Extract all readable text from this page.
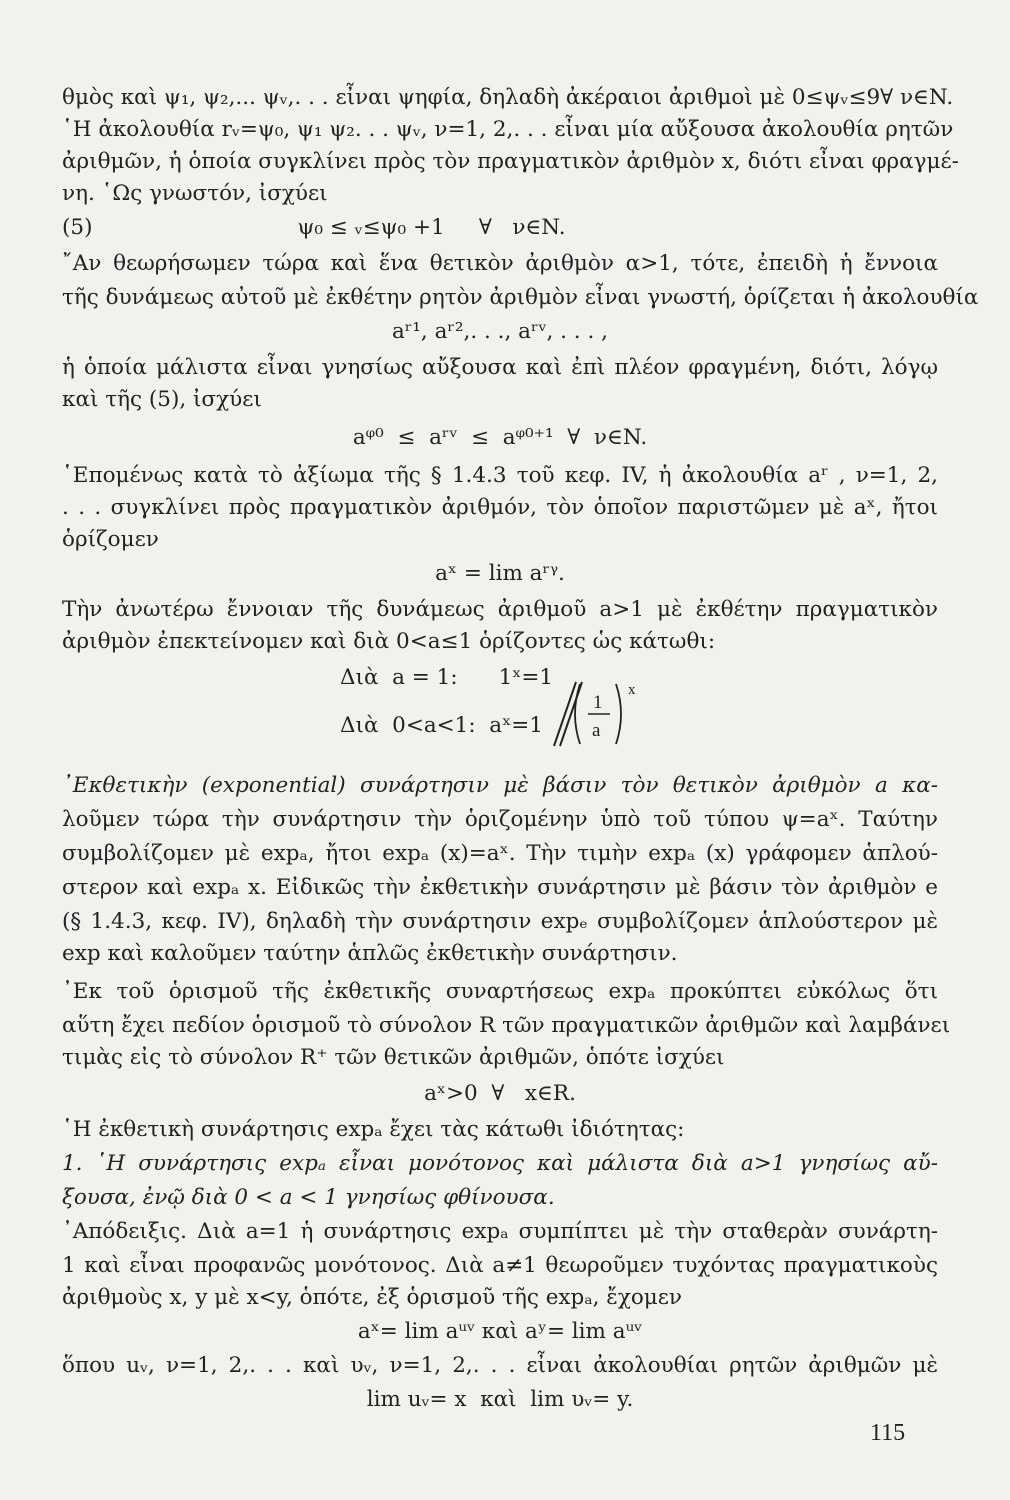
θμὸς καὶ ψ₁, ψ₂,... ψᵥ,. . . εἶναι ψηφία, δηλαδὴ ἀκέραιοι ἀριθμοὶ μὲ 0≤ψᵥ≤9∀ ν∈N.
῾Η ἀκολουθία rᵥ=ψ₀, ψ₁ ψ₂. . . ψᵥ, ν=1, 2,. . . εἶναι μία αὔξουσα ἀκολουθία ρητῶν
ἀριθμῶν, ἡ ὁποία συγκλίνει πρὸς τὸν πραγματικὸν ἀριθμὸν x, διότι εἶναι φραγμέ-
νη. ῾Ως γνωστόν, ἰσχύει
(5)                              ψ₀ ≤ ᵥ≤ψ₀ +1     ∀   ν∈N.
῎Αν θεωρήσωμεν τώρα καὶ ἕνα θετικὸν ἀριθμὸν α>1, τότε, ἐπειδὴ ἡ ἔννοια
τῆς δυνάμεως αὐτοῦ μὲ ἐκθέτην ρητὸν ἀριθμὸν εἶναι γνωστή, ὁρίζεται ἡ ἀκολουθία
aʳ¹, aʳ²,. . ., aʳᵛ, . . . ,
ἡ ὁποία μάλιστα εἶναι γνησίως αὔξουσα καὶ ἐπὶ πλέον φραγμένη, διότι, λόγῳ
καὶ τῆς (5), ἰσχύει
aᵠ⁰  ≤  aʳᵛ  ≤  aᵠ⁰⁺¹  ∀  ν∈N.
῾Επομένως κατὰ τὸ ἀξίωμα τῆς § 1.4.3 τοῦ κεφ. IV, ἡ ἀκολουθία aʳ , ν=1, 2,
. . . συγκλίνει πρὸς πραγματικὸν ἀριθμόν, τὸν ὁποῖον παριστῶμεν μὲ aˣ, ἤτοι
ὁρίζομεν
aˣ = lim aʳᵞ.
Τὴν ἀνωτέρω ἔννοιαν τῆς δυνάμεως ἀριθμοῦ a>1 μὲ ἐκθέτην πραγματικὸν
ἀριθμὸν ἐπεκτείνομεν καὶ διὰ 0<a≤1 ὁρίζοντες ὡς κάτωθι:
Διὰ  a = 1:      1ˣ=1
Διὰ  0<a<1:  aˣ=1
1
a
x
᾿Εκθετικὴν (exponential) συνάρτησιν μὲ βάσιν τὸν θετικὸν ἀριθμὸν a κα-
λοῦμεν τώρα τὴν συνάρτησιν τὴν ὁριζομένην ὑπὸ τοῦ τύπου ψ=aˣ. Ταύτην
συμβολίζομεν μὲ expₐ, ἤτοι expₐ (x)=aˣ. Τὴν τιμὴν expₐ (x) γράφομεν ἁπλού-
στερον καὶ expₐ x. Εἰδικῶς τὴν ἐκθετικὴν συνάρτησιν μὲ βάσιν τὸν ἀριθμὸν e
(§ 1.4.3, κεφ. IV), δηλαδὴ τὴν συνάρτησιν expₑ συμβολίζομεν ἁπλούστερον μὲ
exp καὶ καλοῦμεν ταύτην ἁπλῶς ἐκθετικὴν συνάρτησιν.
᾿Εκ τοῦ ὁρισμοῦ τῆς ἐκθετικῆς συναρτήσεως expₐ προκύπτει εὐκόλως ὅτι
αὕτη ἔχει πεδίον ὁρισμοῦ τὸ σύνολον R τῶν πραγματικῶν ἀριθμῶν καὶ λαμβάνει
τιμὰς εἰς τὸ σύνολον R⁺ τῶν θετικῶν ἀριθμῶν, ὁπότε ἰσχύει
aˣ>0  ∀   x∈R.
῾Η ἐκθετικὴ συνάρτησις expₐ ἔχει τὰς κάτωθι ἰδιότητας:
1. ῾Η συνάρτησις expₐ εἶναι μονότονος καὶ μάλιστα διὰ a>1 γνησίως αὔ-
ξουσα, ἐνῷ διὰ 0 < a < 1 γνησίως φθίνουσα.
᾿Απόδειξις. Διὰ a=1 ἡ συνάρτησις expₐ συμπίπτει μὲ τὴν σταθερὰν συνάρτη-
1 καὶ εἶναι προφανῶς μονότονος. Διὰ a≠1 θεωροῦμεν τυχόντας πραγματικοὺς
ἀριθμοὺς x, y μὲ x<y, ὁπότε, ἐξ ὁρισμοῦ τῆς expₐ, ἔχομεν
aˣ= lim aᵘᵛ καὶ aʸ= lim aᵘᵛ
ὅπου uᵥ, ν=1, 2,. . . καὶ υᵥ, ν=1, 2,. . . εἶναι ἀκολουθίαι ρητῶν ἀριθμῶν μὲ
lim uᵥ= x  καὶ  lim υᵥ= y.
115
